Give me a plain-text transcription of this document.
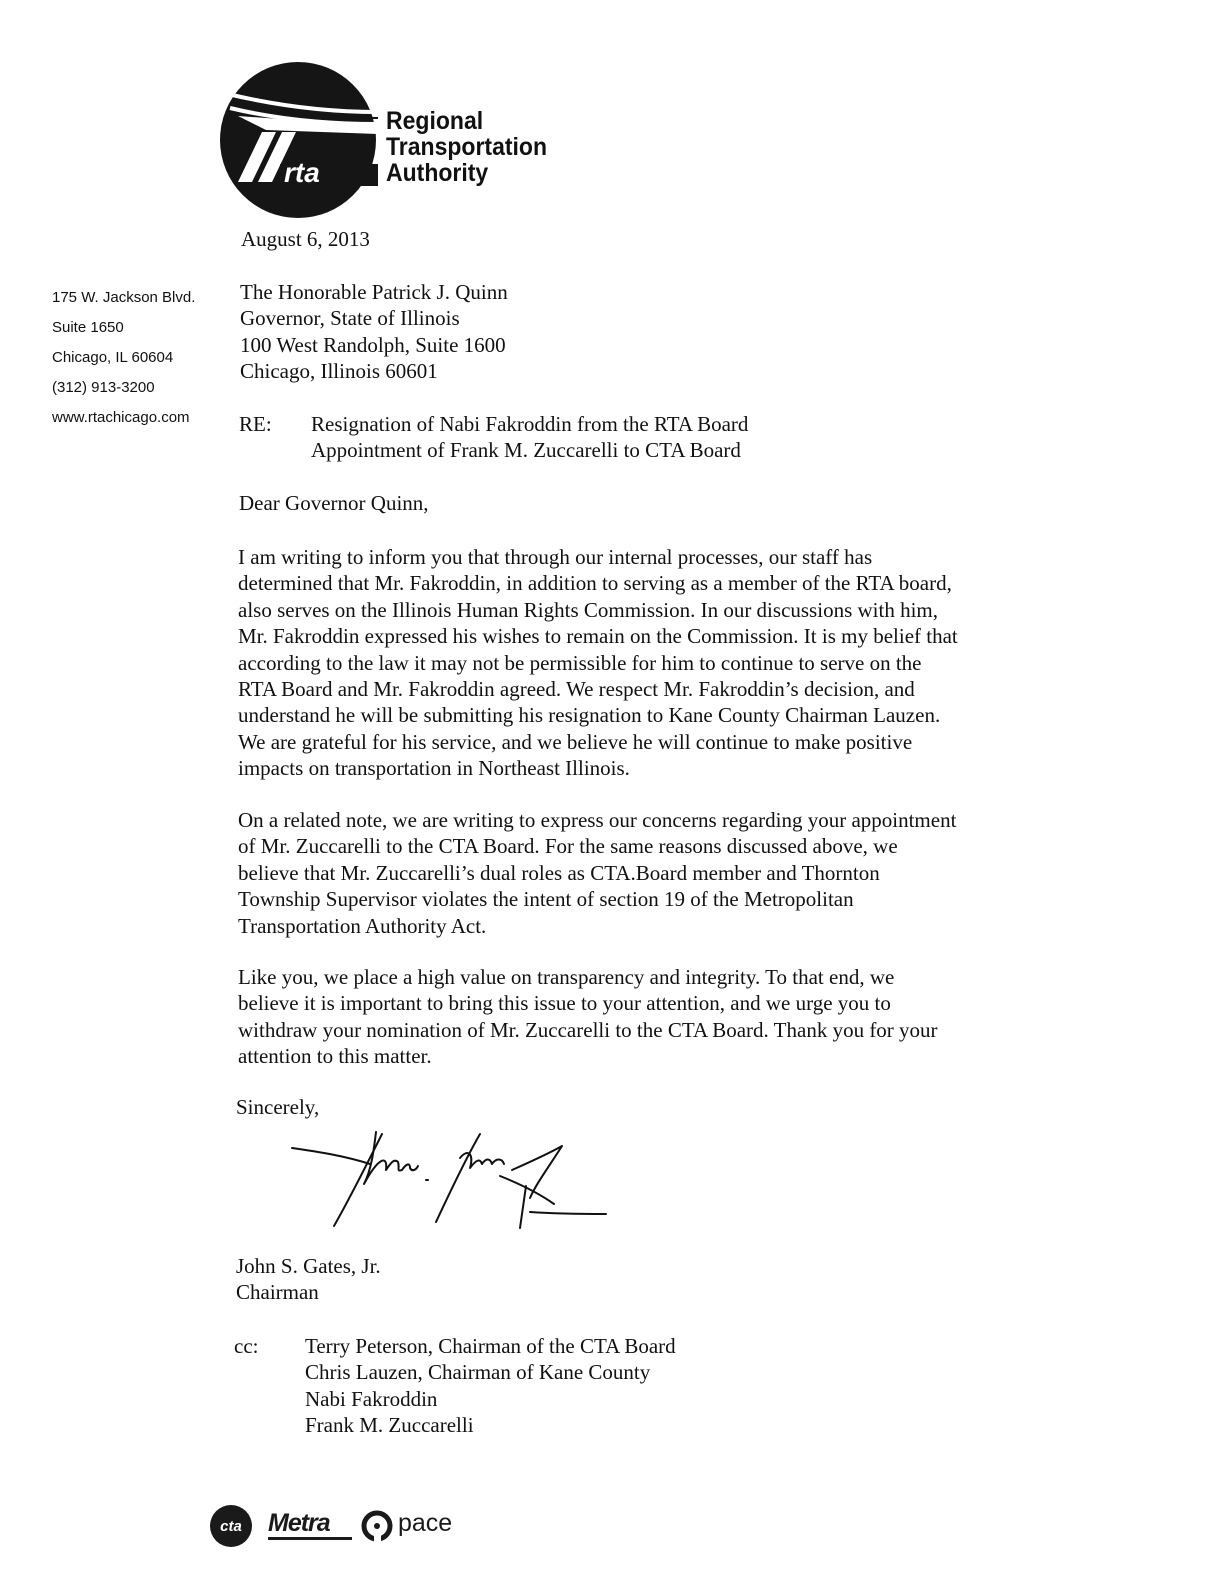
rta
Regional
Transportation
Authority
August 6, 2013
175 W. Jackson Blvd.
Suite 1650
Chicago, IL 60604
(312) 913-3200
www.rtachicago.com
The Honorable Patrick J. Quinn
Governor, State of Illinois
100 West Randolph, Suite 1600
Chicago, Illinois 60601
RE: Resignation of Nabi Fakroddin from the RTA Board
Appointment of Frank M. Zuccarelli to CTA Board
Dear Governor Quinn,
I am writing to inform you that through our internal processes, our staff has
determined that Mr. Fakroddin, in addition to serving as a member of the RTA board,
also serves on the Illinois Human Rights Commission. In our discussions with him,
Mr. Fakroddin expressed his wishes to remain on the Commission. It is my belief that
according to the law it may not be permissible for him to continue to serve on the
RTA Board and Mr. Fakroddin agreed. We respect Mr. Fakroddin’s decision, and
understand he will be submitting his resignation to Kane County Chairman Lauzen.
We are grateful for his service, and we believe he will continue to make positive
impacts on transportation in Northeast Illinois.
On a related note, we are writing to express our concerns regarding your appointment
of Mr. Zuccarelli to the CTA Board. For the same reasons discussed above, we
believe that Mr. Zuccarelli’s dual roles as CTA.Board member and Thornton
Township Supervisor violates the intent of section 19 of the Metropolitan
Transportation Authority Act.
Like you, we place a high value on transparency and integrity. To that end, we
believe it is important to bring this issue to your attention, and we urge you to
withdraw your nomination of Mr. Zuccarelli to the CTA Board. Thank you for your
attention to this matter.
Sincerely,
John S. Gates, Jr.
Chairman
cc: Terry Peterson, Chairman of the CTA Board
Chris Lauzen, Chairman of Kane County
Nabi Fakroddin
Frank M. Zuccarelli
cta	Metra	pace
